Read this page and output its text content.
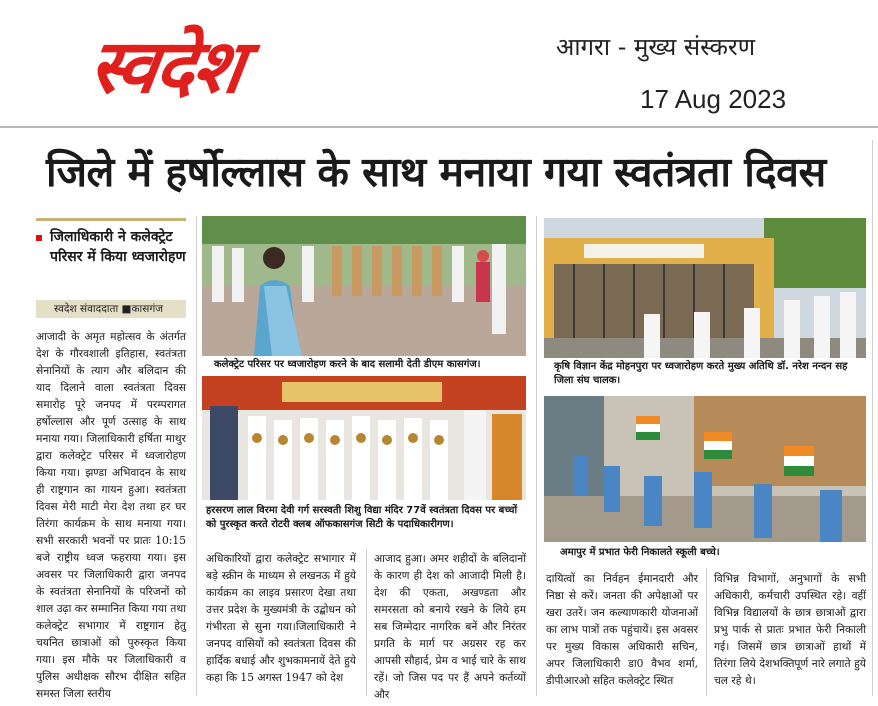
स्वदेश	आगरा - मुख्य संस्करण
17 Aug 2023
जिले में हर्षोल्लास के साथ मनाया गया स्वतंत्रता दिवस
जिलाधिकारी ने कलेक्ट्रेट परिसर में किया ध्वजारोहण
स्वदेश संवाददाता ■कासगंज
आजादी के अमृत महोत्सव के अंतर्गत देश के गौरवशाली इतिहास, स्वतंत्रता सेनानियों के त्याग और बलिदान की याद दिलाने वाला स्वतंत्रता दिवस समारोह पूरे जनपद में परम्परागत हर्षोल्लास और पूर्ण उत्साह के साथ मनाया गया। जिलाधिकारी हर्षिता माथुर द्वारा कलेक्ट्रेट परिसर में ध्वजारोहण किया गया। झण्डा अभिवादन के साथ ही राष्ट्रगान का गायन हुआ। स्वतंत्रता दिवस मेरी माटी मेरा देश तथा हर घर तिरंगा कार्यक्रम के साथ मनाया गया। सभी सरकारी भवनों पर प्रातः 10:15 बजे राष्ट्रीय ध्वज फहराया गया। इस अवसर पर जिलाधिकारी द्वारा जनपद के स्वतंत्रता सेनानियों के परिजनों को शाल उढ़ा कर सम्मानित किया गया तथा कलेक्ट्रेट सभागार में राष्ट्रगान हेतु चयनित छात्राओं को पुरुस्कृत किया गया। इस मौके पर जिलाधिकारी व पुलिस अधीक्षक सौरभ दीक्षित सहित समस्त जिला स्तरीय
अधिकारियों द्वारा कलेक्ट्रेट सभागार में बड़े स्क्रीन के माध्यम से लखनऊ में हुये कार्यक्रम का लाइव प्रसारण देखा तथा उत्तर प्रदेश के मुख्यमंत्री के उद्बोधन को गंभीरता से सुना गया।जिलाधिकारी ने जनपद वासियों को स्वतंत्रता दिवस की हार्दिक बधाई और शुभकामनायें देते हुये कहा कि 15 अगस्त 1947 को देश
आजाद हुआ। अमर शहीदों के बलिदानों के कारण ही देश को आजादी मिली है। देश की एकता, अखण्डता और समरसता को बनाये रखने के लिये हम सब जिम्मेदार नागरिक बनें और निरंतर प्रगति के मार्ग पर अग्रसर रह कर आपसी सौहार्द, प्रेम व भाई चारे के साथ रहें। जो जिस पद पर हैं अपने कर्तव्यों और
दायित्वों का निर्वहन ईमानदारी और निष्ठा से करें। जनता की अपेक्षाओं पर खरा उतरें। जन कल्याणकारी योजनाओं का लाभ पात्रों तक पहुंचायें। इस अवसर पर मुख्य विकास अधिकारी सचिन, अपर जिलाधिकारी डा0 वैभव शर्मा, डीपीआरओ सहित कलेक्ट्रेट स्थित
विभिन्न विभागों, अनुभागों के सभी अधिकारी, कर्मचारी उपस्थित रहे। वहीं विभिन्न विद्यालयों के छात्र छात्राओं द्वारा प्रभु पार्क से प्रातः प्रभात फेरी निकाली गई। जिसमें छात्र छात्राओं हाथों में तिरंगा लिये देशभक्तिपूर्ण नारे लगाते हुये चल रहे थे।
कलेक्ट्रेट परिसर पर ध्वजारोहण करने के बाद सलामी देती डीएम कासगंज।
हरसरण लाल विरमा देवी गर्ग सरस्वती शिशु विद्या मंदिर 77वें स्वतंत्रता दिवस पर बच्चों को पुरस्कृत करते रोटरी क्लब ऑफकासगंज सिटी के पदाधिकारीगण।
कृषि विज्ञान केंद्र मोहनपुरा पर ध्वजारोहण करते मुख्य अतिथि डॉ. नरेश नन्दन सह जिला संघ चालक।
अमापुर में प्रभात फेरी निकालते स्कूली बच्चे।
